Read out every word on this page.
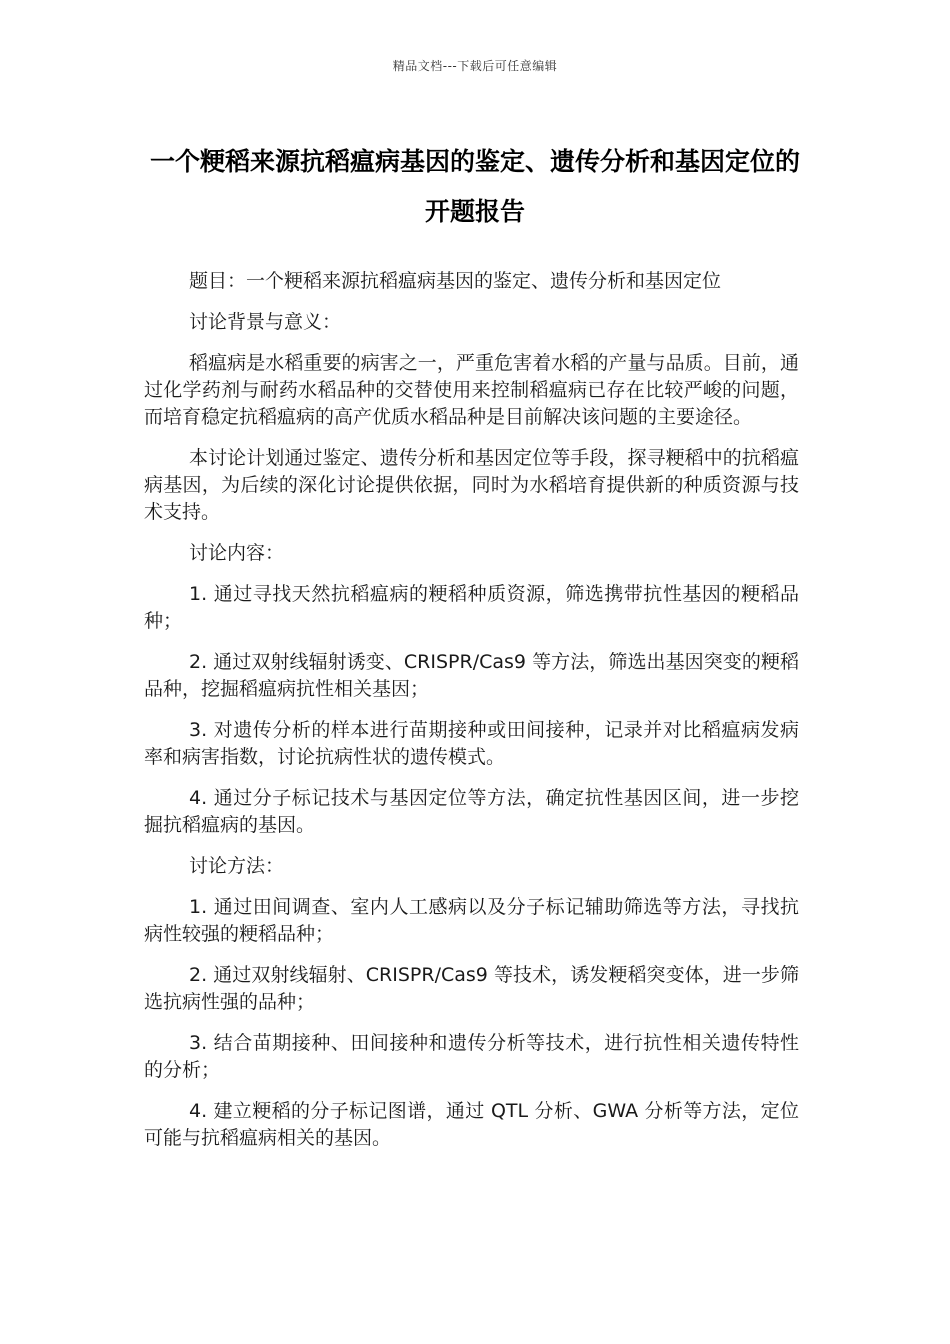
精品文档---下载后可任意编辑
一个粳稻来源抗稻瘟病基因的鉴定、遗传分析和基因定位的开题报告

题目：一个粳稻来源抗稻瘟病基因的鉴定、遗传分析和基因定位

讨论背景与意义：

稻瘟病是水稻重要的病害之一，严重危害着水稻的产量与品质。目前，通过化学药剂与耐药水稻品种的交替使用来控制稻瘟病已存在比较严峻的问题，而培育稳定抗稻瘟病的高产优质水稻品种是目前解决该问题的主要途径。

本讨论计划通过鉴定、遗传分析和基因定位等手段，探寻粳稻中的抗稻瘟病基因，为后续的深化讨论提供依据，同时为水稻培育提供新的种质资源与技术支持。

讨论内容：

1. 通过寻找天然抗稻瘟病的粳稻种质资源，筛选携带抗性基因的粳稻品种；

2. 通过双射线辐射诱变、CRISPR/Cas9 等方法，筛选出基因突变的粳稻品种，挖掘稻瘟病抗性相关基因；

3. 对遗传分析的样本进行苗期接种或田间接种，记录并对比稻瘟病发病率和病害指数，讨论抗病性状的遗传模式。

4. 通过分子标记技术与基因定位等方法，确定抗性基因区间，进一步挖掘抗稻瘟病的基因。

讨论方法：

1. 通过田间调查、室内人工感病以及分子标记辅助筛选等方法，寻找抗病性较强的粳稻品种；

2. 通过双射线辐射、CRISPR/Cas9 等技术，诱发粳稻突变体，进一步筛选抗病性强的品种；

3. 结合苗期接种、田间接种和遗传分析等技术，进行抗性相关遗传特性的分析；

4. 建立粳稻的分子标记图谱，通过 QTL 分析、GWA 分析等方法，定位可能与抗稻瘟病相关的基因。
